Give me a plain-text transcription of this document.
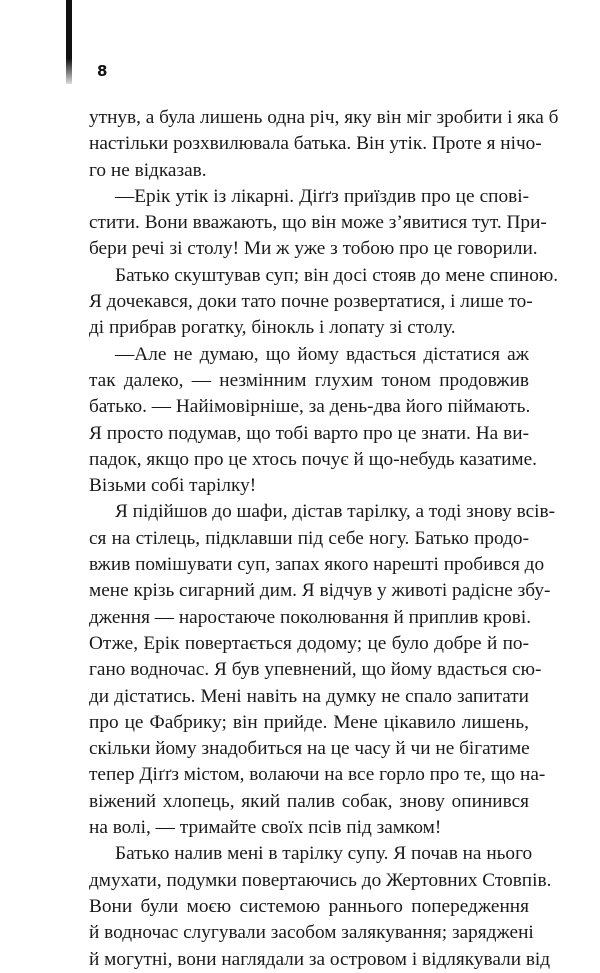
8
утнув, а була лишень одна річ, яку він міг зробити і яка б
настільки розхвилювала батька. Він утік. Проте я нічо-
го не відказав.
—Ерік утік із лікарні. Діґґз приїздив про це спові-
стити. Вони вважають, що він може з’явитися тут. При-
бери речі зі столу! Ми ж уже з тобою про це говорили.
Батько скуштував суп; він досі стояв до мене спиною.
Я дочекався, доки тато почне розвертатися, і лише то-
ді прибрав рогатку, бінокль і лопату зі столу.
—Але не думаю, що йому вдасться дістатися аж
так далеко, — незмінним глухим тоном продовжив
батько. — Найімовірніше, за день-два його піймають.
Я просто подумав, що тобі варто про це знати. На ви-
падок, якщо про це хтось почує й що-небудь казатиме.
Візьми собі тарілку!
Я підійшов до шафи, дістав тарілку, а тоді знову всів-
ся на стілець, підклавши під себе ногу. Батько продо-
вжив помішувати суп, запах якого нарешті пробився до
мене крізь сигарний дим. Я відчув у животі радісне збу-
дження — наростаюче поколювання й приплив крові.
Отже, Ерік повертається додому; це було добре й по-
гано водночас. Я був упевнений, що йому вдасться сю-
ди дістатись. Мені навіть на думку не спало запитати
про це Фабрику; він прийде. Мене цікавило лишень,
скільки йому знадобиться на це часу й чи не бігатиме
тепер Діґґз містом, волаючи на все горло про те, що на-
віжений хлопець, який палив собак, знову опинився
на волі, — тримайте своїх псів під замком!
Батько налив мені в тарілку супу. Я почав на нього
дмухати, подумки повертаючись до Жертовних Стовпів.
Вони були моєю системою раннього попередження
й водночас слугували засобом залякування; заряджені
й могутні, вони наглядали за островом і відлякували від
